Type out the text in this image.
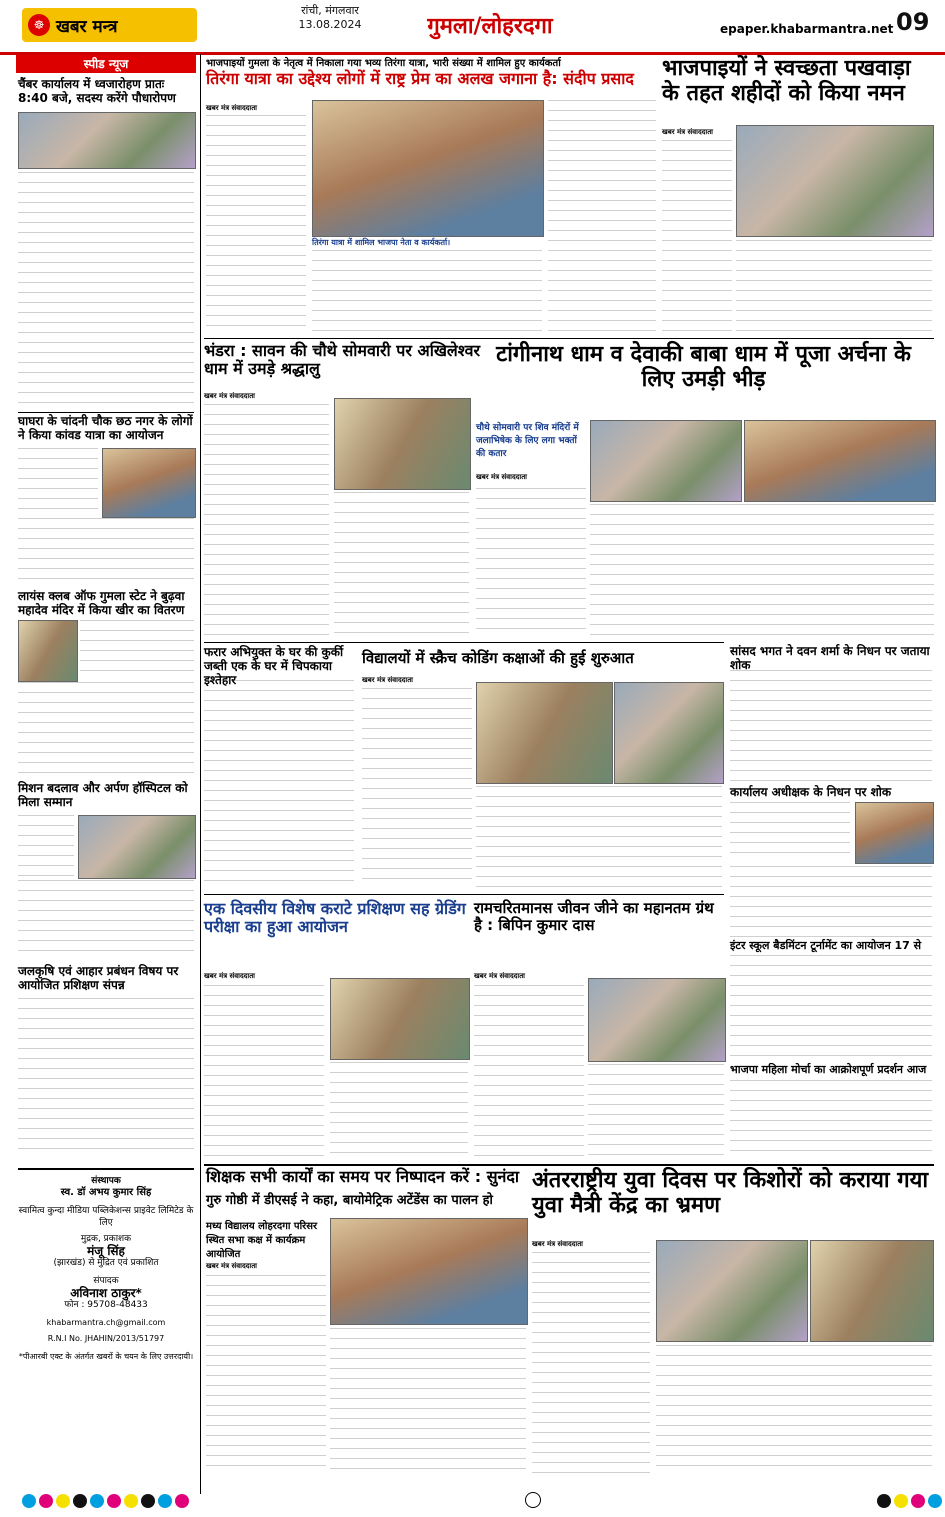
☸ खबर मन्त्र
रांची, मंगलवार
13.08.2024	गुमला/लोहरदगा	epaper.khabarmantra.net 09
स्पीड न्यूज
चैंबर कार्यालय में ध्वजारोहण प्रातः 8:40 बजे, सदस्य करेंगे पौधारोपण
घाघरा के चांदनी चौक छठ नगर के लोगों ने किया कांवड यात्रा का आयोजन
लायंस क्लब ऑफ गुमला स्टेट ने बुढ़वा महादेव मंदिर में किया खीर का वितरण
मिशन बदलाव और अर्पण हॉस्पिटल को मिला सम्मान
जलकृषि एवं आहार प्रबंधन विषय पर आयोजित प्रशिक्षण संपन्न
संस्थापक
स्व. डॉ अभय कुमार सिंह
स्वामित्व कुन्दा मीडिया पब्लिकेशन्स प्राइवेट लिमिटेड के लिए
मुद्रक, प्रकाशक
मंजू सिंह
(झारखंड) से मुद्रित एवं प्रकाशित
संपादक
अविनाश ठाकुर*
फोन : 95708-48433
khabarmantra.ch@gmail.com
R.N.I No. JHAHIN/2013/51797
*पीआरबी एक्ट के अंतर्गत खबरों के चयन के लिए उत्तरदायी।
भाजपाइयों गुमला के नेतृत्व में निकाला गया भव्य तिरंगा यात्रा, भारी संख्या में शामिल हुए कार्यकर्ता
तिरंगा यात्रा का उद्देश्य लोगों में राष्ट्र प्रेम का अलख जगाना है: संदीप प्रसाद
खबर मंत्र संवाददाता
तिरंगा यात्रा में शामिल भाजपा नेता व कार्यकर्ता।
भाजपाइयों ने स्वच्छता पखवाड़ा के तहत शहीदों को किया नमन
खबर मंत्र संवाददाता
भंडरा : सावन की चौथे सोमवारी पर अखिलेश्वर धाम में उमड़े श्रद्धालु
खबर मंत्र संवाददाता
टांगीनाथ धाम व देवाकी बाबा धाम में पूजा अर्चना के लिए उमड़ी भीड़
चौथे सोमवारी पर शिव मंदिरों में जलाभिषेक के लिए लगा भक्तों की कतार
खबर मंत्र संवाददाता
फरार अभियुक्त के घर की कुर्की जब्ती एक के घर में चिपकाया इश्तेहार
विद्यालयों में स्क्रैच कोडिंग कक्षाओं की हुई शुरुआत
खबर मंत्र संवाददाता
सांसद भगत ने दवन शर्मा के निधन पर जताया शोक
कार्यालय अधीक्षक के निधन पर शोक
इंटर स्कूल बैडमिंटन टूर्नामेंट का आयोजन 17 से
भाजपा महिला मोर्चा का आक्रोशपूर्ण प्रदर्शन आज
एक दिवसीय विशेष कराटे प्रशिक्षण सह ग्रेडिंग परीक्षा का हुआ आयोजन
खबर मंत्र संवाददाता
रामचरितमानस जीवन जीने का महानतम ग्रंथ है : बिपिन कुमार दास
खबर मंत्र संवाददाता
शिक्षक सभी कार्यों का समय पर निष्पादन करें : सुनंदा
गुरु गोष्ठी में डीएसई ने कहा, बायोमेट्रिक अटेंडेंस का पालन हो
मध्य विद्यालय लोहरदगा परिसर स्थित सभा कक्ष में कार्यक्रम आयोजित
खबर मंत्र संवाददाता
अंतरराष्ट्रीय युवा दिवस पर किशोरों को कराया गया युवा मैत्री केंद्र का भ्रमण
खबर मंत्र संवाददाता
